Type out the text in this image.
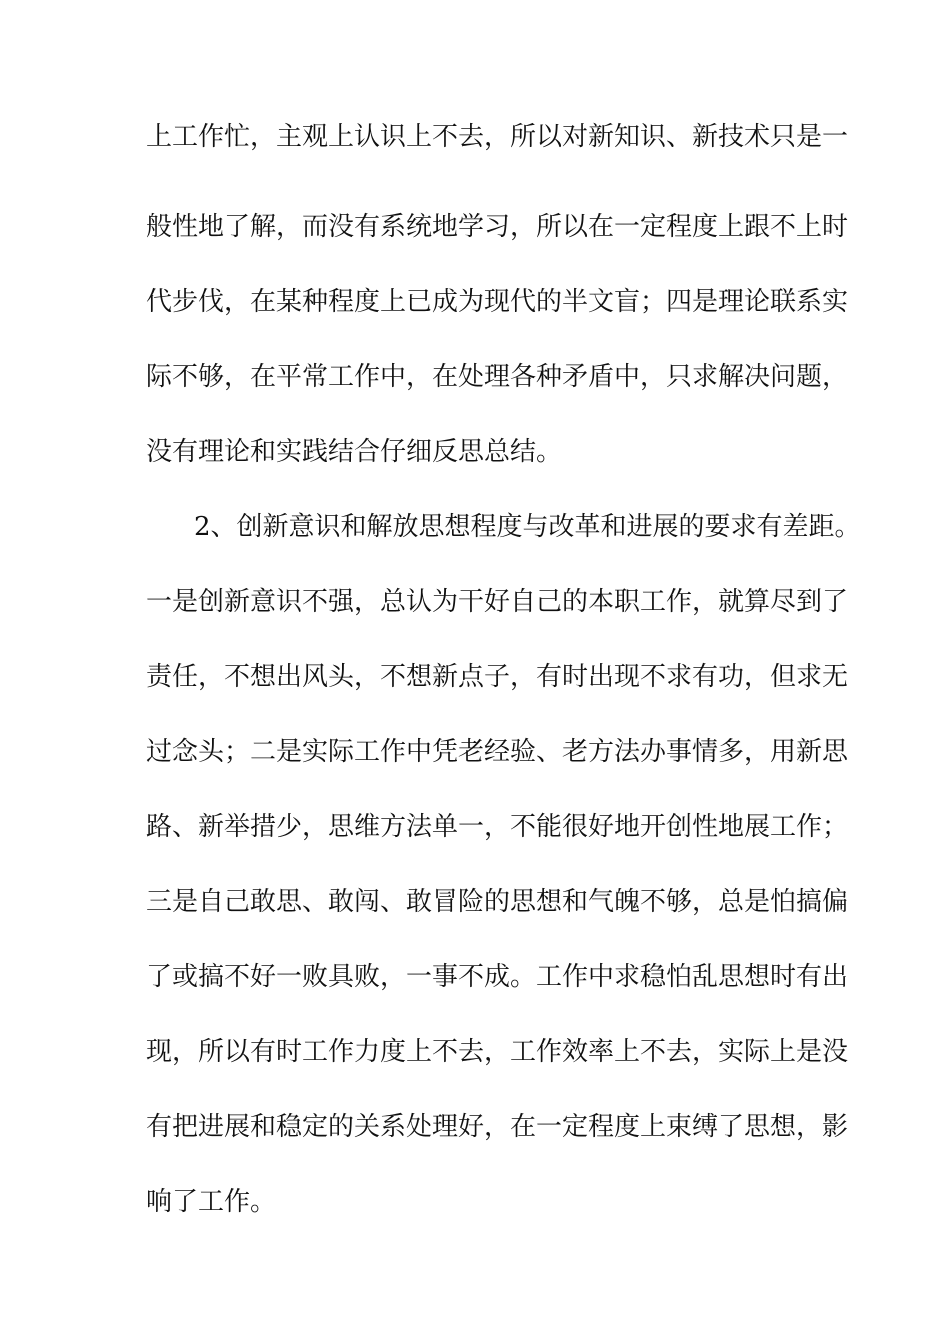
上工作忙，主观上认识上不去，所以对新知识、新技术只是一
般性地了解，而没有系统地学习，所以在一定程度上跟不上时
代步伐，在某种程度上已成为现代的半文盲；四是理论联系实
际不够，在平常工作中，在处理各种矛盾中，只求解决问题，
没有理论和实践结合仔细反思总结。
2、创新意识和解放思想程度与改革和进展的要求有差距。
一是创新意识不强，总认为干好自己的本职工作，就算尽到了
责任，不想出风头，不想新点子，有时出现不求有功，但求无
过念头；二是实际工作中凭老经验、老方法办事情多，用新思
路、新举措少，思维方法单一，不能很好地开创性地展工作；
三是自己敢思、敢闯、敢冒险的思想和气魄不够，总是怕搞偏
了或搞不好一败具败，一事不成。工作中求稳怕乱思想时有出
现，所以有时工作力度上不去，工作效率上不去，实际上是没
有把进展和稳定的关系处理好，在一定程度上束缚了思想，影
响了工作。
